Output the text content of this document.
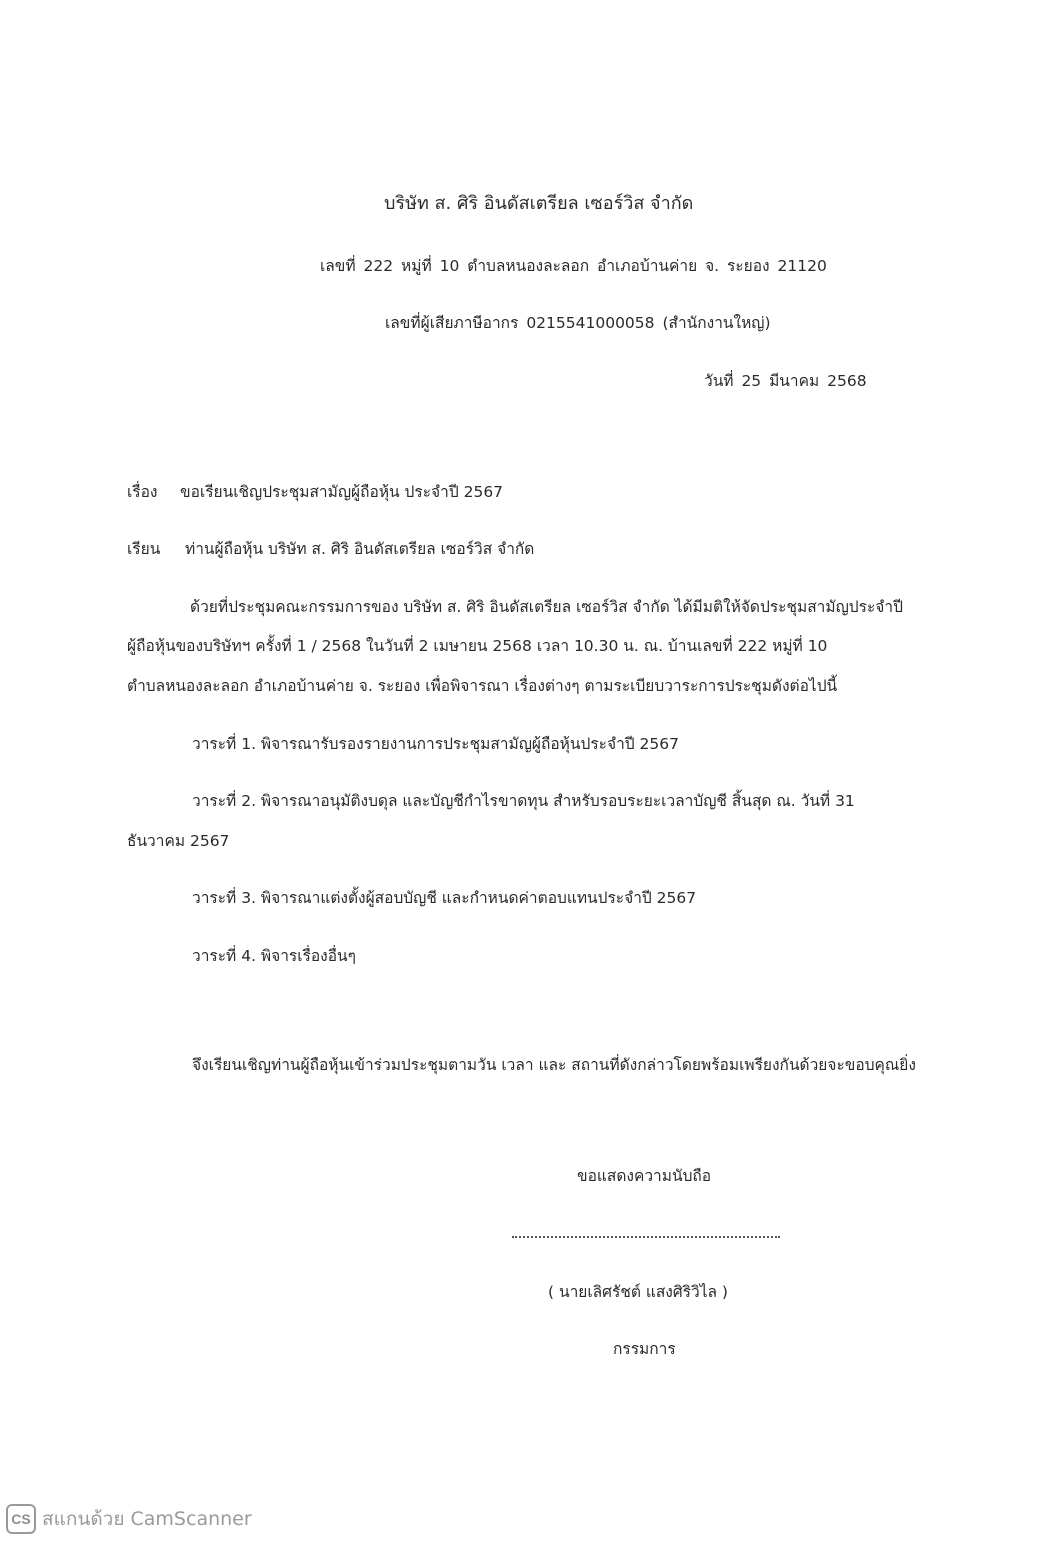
บริษัท ส. ศิริ อินดัสเตรียล เซอร์วิส จำกัด
เลขที่ 222 หมู่ที่ 10 ตำบลหนองละลอก อำเภอบ้านค่าย จ. ระยอง 21120
เลขที่ผู้เสียภาษีอากร 0215541000058 (สำนักงานใหญ่)
วันที่ 25 มีนาคม 2568
เรื่อง ขอเรียนเชิญประชุมสามัญผู้ถือหุ้น ประจำปี 2567
เรียน ท่านผู้ถือหุ้น บริษัท ส. ศิริ อินดัสเตรียล เซอร์วิส จำกัด
ด้วยที่ประชุมคณะกรรมการของ บริษัท ส. ศิริ อินดัสเตรียล เซอร์วิส จำกัด ได้มีมติให้จัดประชุมสามัญประจำปี
ผู้ถือหุ้นของบริษัทฯ ครั้งที่ 1 / 2568 ในวันที่ 2 เมษายน 2568 เวลา 10.30 น. ณ. บ้านเลขที่ 222 หมู่ที่ 10
ตำบลหนองละลอก อำเภอบ้านค่าย จ. ระยอง เพื่อพิจารณา เรื่องต่างๆ ตามระเบียบวาระการประชุมดังต่อไปนี้
วาระที่ 1. พิจารณารับรองรายงานการประชุมสามัญผู้ถือหุ้นประจำปี 2567
วาระที่ 2. พิจารณาอนุมัติงบดุล และบัญชีกำไรขาดทุน สำหรับรอบระยะเวลาบัญชี สิ้นสุด ณ. วันที่ 31
ธันวาคม 2567
วาระที่ 3. พิจารณาแต่งตั้งผู้สอบบัญชี และกำหนดค่าตอบแทนประจำปี 2567
วาระที่ 4. พิจารเรื่องอื่นๆ
จึงเรียนเชิญท่านผู้ถือหุ้นเข้าร่วมประชุมตามวัน เวลา และ สถานที่ดังกล่าวโดยพร้อมเพรียงกันด้วยจะขอบคุณยิ่ง
ขอแสดงความนับถือ
( นายเลิศรัชต์ แสงศิริวิไล )
กรรมการ
CS สแกนด้วย CamScanner
